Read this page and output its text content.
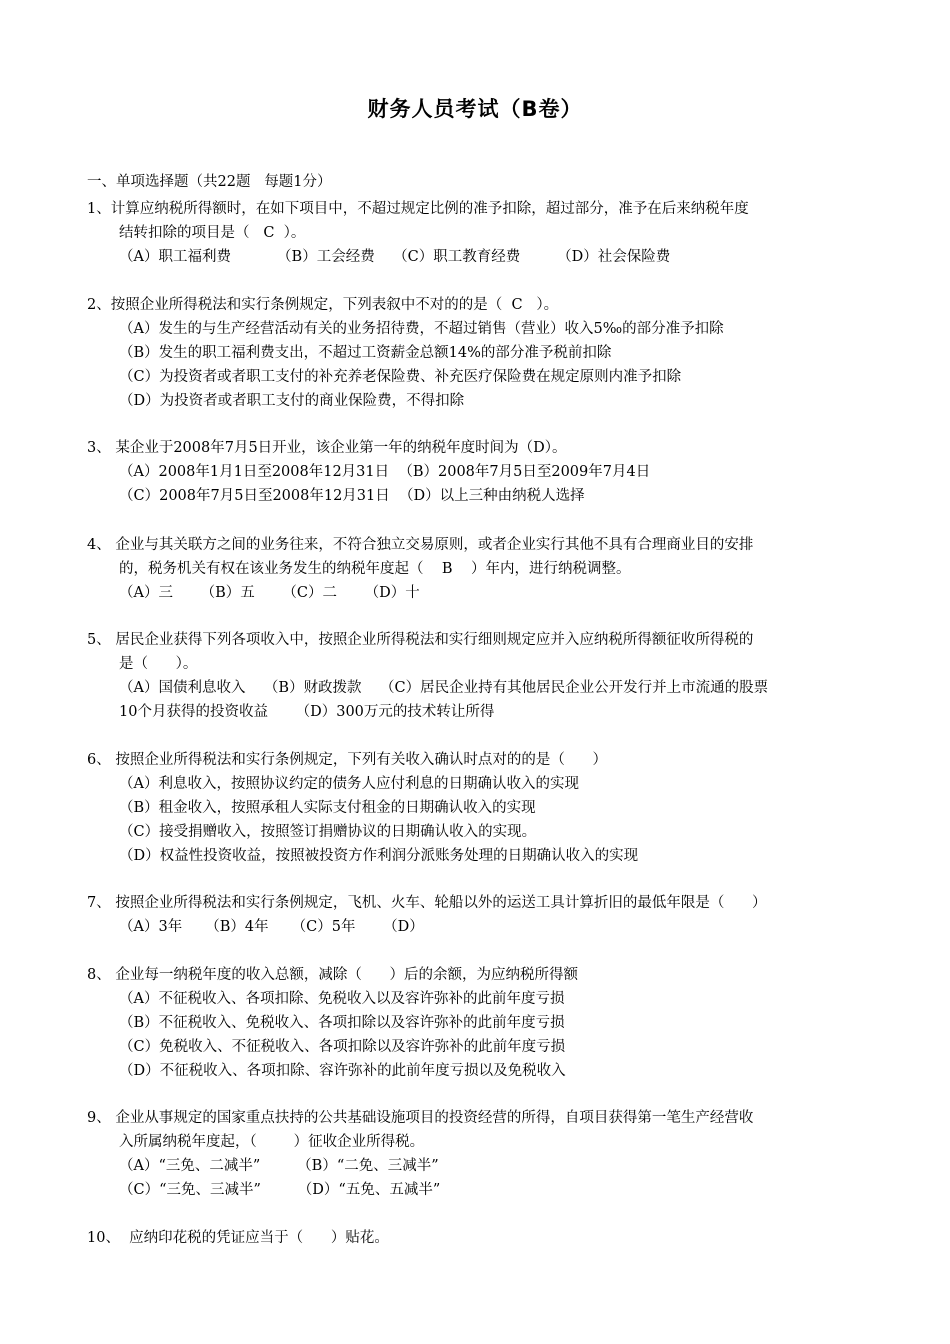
财务人员考试（B卷）
一、单项选择题（共22题   每题1分）
1、计算应纳税所得额时，在如下项目中，不超过规定比例的准予扣除，超过部分，准予在后来纳税年度
结转扣除的项目是（   C  ）。
（A）职工福利费          （B）工会经费    （C）职工教育经费        （D）社会保险费
2、按照企业所得税法和实行条例规定，下列表叙中不对的的是（  C   ）。
（A）发生的与生产经营活动有关的业务招待费，不超过销售（营业）收入5‰的部分准予扣除
（B）发生的职工福利费支出，不超过工资薪金总额14%的部分准予税前扣除
（C）为投资者或者职工支付的补充养老保险费、补充医疗保险费在规定原则内准予扣除
（D）为投资者或者职工支付的商业保险费，不得扣除
3、 某企业于2008年7月5日开业，该企业第一年的纳税年度时间为（D）。
（A）2008年1月1日至2008年12月31日  （B）2008年7月5日至2009年7月4日
（C）2008年7月5日至2008年12月31日  （D）以上三种由纳税人选择
4、 企业与其关联方之间的业务往来，不符合独立交易原则，或者企业实行其他不具有合理商业目的安排
的，税务机关有权在该业务发生的纳税年度起（    B    ）年内，进行纳税调整。
（A）三      （B）五      （C）二      （D）十
5、 居民企业获得下列各项收入中，按照企业所得税法和实行细则规定应并入应纳税所得额征收所得税的
是（      ）。
（A）国债利息收入    （B）财政拨款    （C）居民企业持有其他居民企业公开发行并上市流通的股票
10个月获得的投资收益      （D）300万元的技术转让所得
6、 按照企业所得税法和实行条例规定，下列有关收入确认时点对的的是（      ）
（A）利息收入，按照协议约定的债务人应付利息的日期确认收入的实现
（B）租金收入，按照承租人实际支付租金的日期确认收入的实现
（C）接受捐赠收入，按照签订捐赠协议的日期确认收入的实现。
（D）权益性投资收益，按照被投资方作利润分派账务处理的日期确认收入的实现
7、 按照企业所得税法和实行条例规定，飞机、火车、轮船以外的运送工具计算折旧的最低年限是（      ）
（A）3年     （B）4年     （C）5年      （D）
8、 企业每一纳税年度的收入总额，减除（      ）后的余额，为应纳税所得额
（A）不征税收入、各项扣除、免税收入以及容许弥补的此前年度亏损
（B）不征税收入、免税收入、各项扣除以及容许弥补的此前年度亏损
（C）免税收入、不征税收入、各项扣除以及容许弥补的此前年度亏损
（D）不征税收入、各项扣除、容许弥补的此前年度亏损以及免税收入
9、 企业从事规定的国家重点扶持的公共基础设施项目的投资经营的所得，自项目获得第一笔生产经营收
入所属纳税年度起，（        ）征收企业所得税。
（A）“三免、二减半”        （B）“二免、三减半”
（C）“三免、三减半”        （D）“五免、五减半”
10、  应纳印花税的凭证应当于（      ）贴花。
